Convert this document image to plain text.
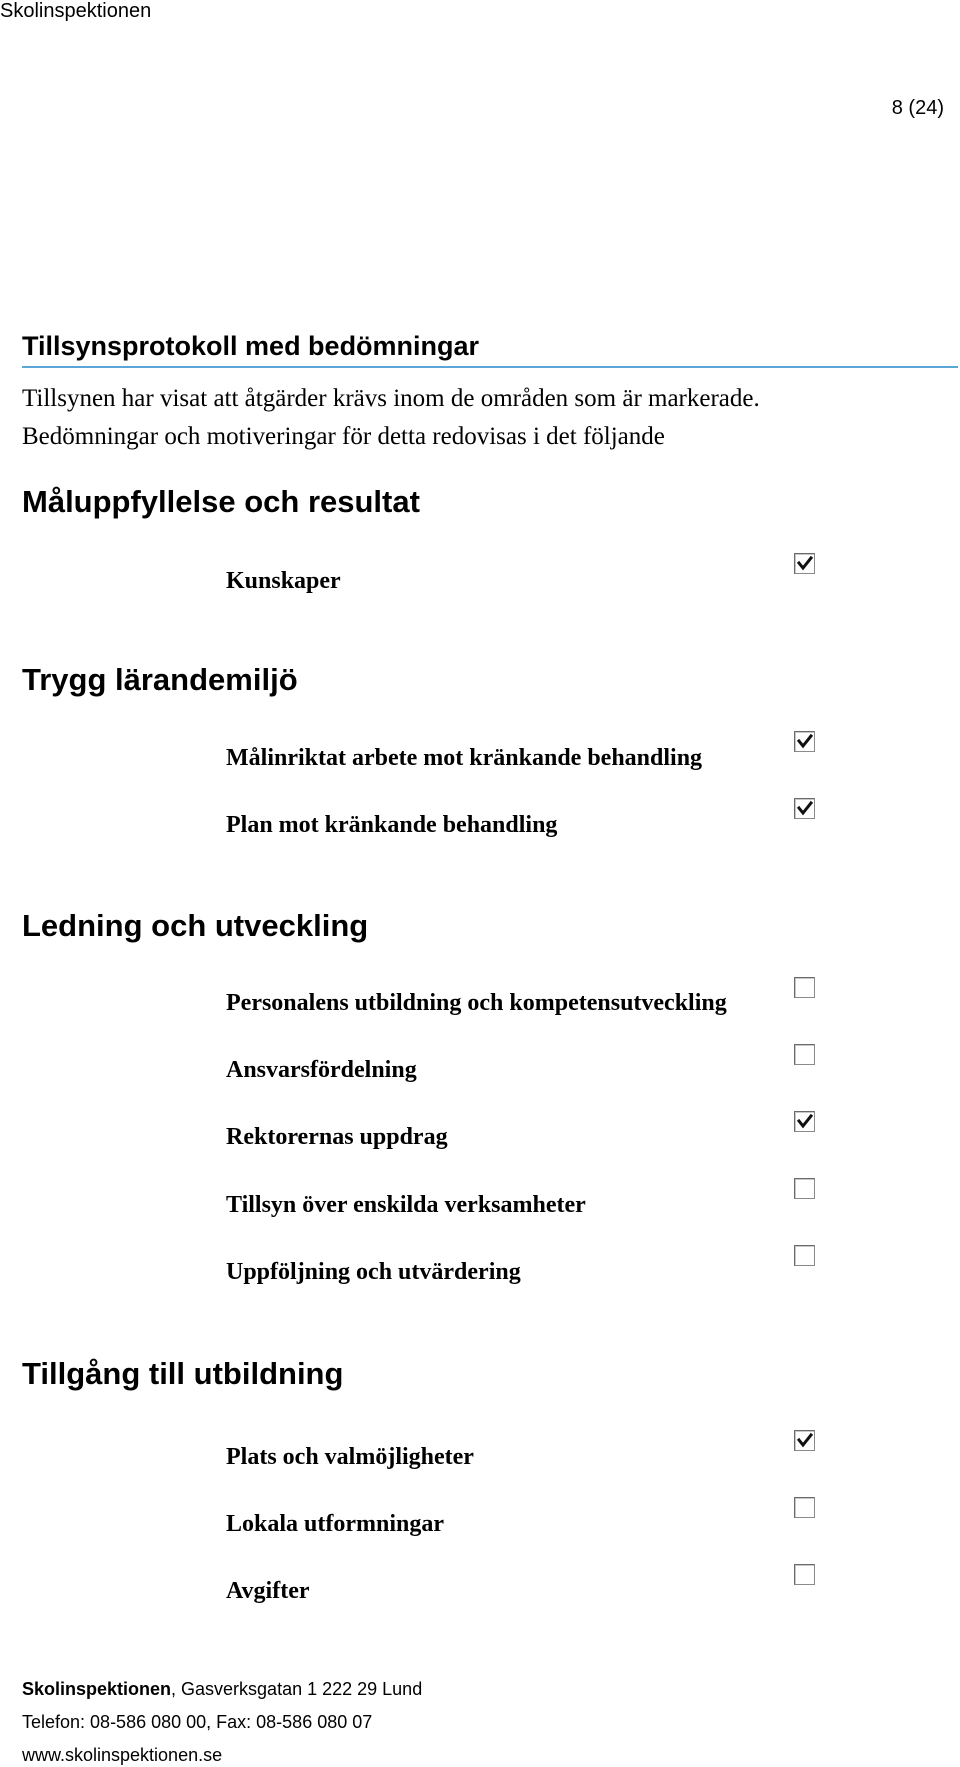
Skolinspektionen
8 (24)
Tillsynsprotokoll med bedömningar
Tillsynen har visat att åtgärder krävs inom de områden som är markerade.
Bedömningar och motiveringar för detta redovisas i det följande
Måluppfyllelse och resultat
Kunskaper
Trygg lärandemiljö
Målinriktat arbete mot kränkande behandling
Plan mot kränkande behandling
Ledning och utveckling
Personalens utbildning och kompetensutveckling
Ansvarsfördelning
Rektorernas uppdrag
Tillsyn över enskilda verksamheter
Uppföljning och utvärdering
Tillgång till utbildning
Plats och valmöjligheter
Lokala utformningar
Avgifter
Skolinspektionen, Gasverksgatan 1 222 29 Lund
Telefon: 08-586 080 00, Fax: 08-586 080 07
www.skolinspektionen.se
